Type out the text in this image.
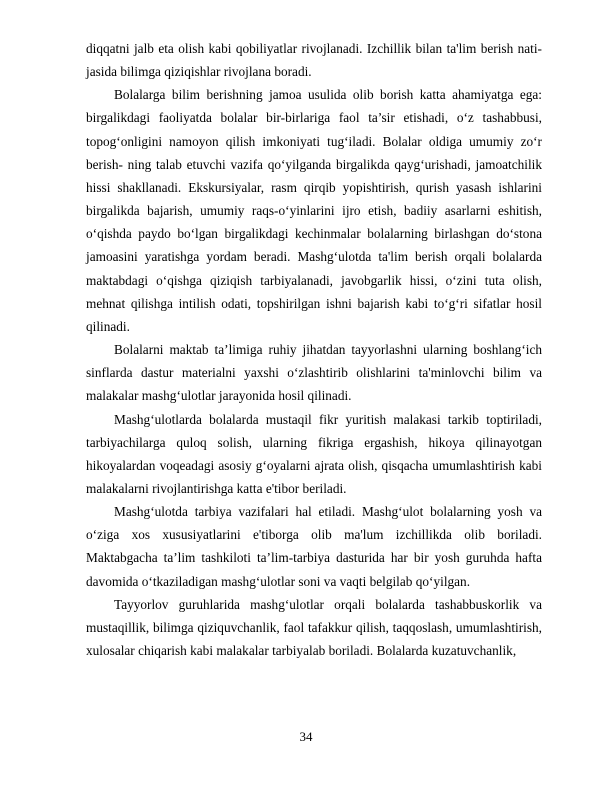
diqqatni jalb eta olish kabi qobiliyatlar rivojlanadi. Izchillik bilan ta'lim berish nati-jasida bilimga qiziqishlar rivojlana boradi.

Bolalarga bilim berishning jamoa usulida olib borish katta ahamiyatga ega: birgalikdagi faoliyatda bolalar bir-birlariga faol ta’sir etishadi, o‘z tashabbusi, topog‘onligini namoyon qilish imkoniyati tug‘iladi. Bolalar oldiga umumiy zo‘r berish- ning talab etuvchi vazifa qo‘yilganda birgalikda qayg‘urishadi, jamoatchilik hissi shakllanadi. Ekskursiyalar, rasm qirqib yopishtirish, qurish yasash ishlarini birgalikda bajarish, umumiy raqs-o‘yinlarini ijro etish, badiiy asarlarni eshitish, o‘qishda paydo bo‘lgan birgalikdagi kechinmalar bolalarning birlashgan do‘stona jamoasini yaratishga yordam beradi. Mashg‘ulotda ta'lim berish orqali bolalarda maktabdagi o‘qishga qiziqish tarbiyalanadi, javobgarlik hissi, o‘zini tuta olish, mehnat qilishga intilish odati, topshirilgan ishni bajarish kabi to‘g‘ri sifatlar hosil qilinadi.

Bolalarni maktab ta’limiga ruhiy jihatdan tayyorlashni ularning boshlang‘ich sinflarda dastur materialni yaxshi o‘zlashtirib olishlarini ta'minlovchi bilim va malakalar mashg‘ulotlar jarayonida hosil qilinadi.

Mashg‘ulotlarda bolalarda mustaqil fikr yuritish malakasi tarkib toptiriladi, tarbiyachilarga quloq solish, ularning fikriga ergashish, hikoya qilinayotgan hikoyalardan voqeadagi asosiy g‘oyalarni ajrata olish, qisqacha umumlashtirish kabi malakalarni rivojlantirishga katta e'tibor beriladi.

Mashg‘ulotda tarbiya vazifalari hal etiladi. Mashg‘ulot bolalarning yosh va o‘ziga xos xususiyatlarini e'tiborga olib ma'lum izchillikda olib boriladi. Maktabgacha ta’lim tashkiloti ta’lim-tarbiya dasturida har bir yosh guruhda hafta davomida o‘tkaziladigan mashg‘ulotlar soni va vaqti belgilab qo‘yilgan.

Tayyorlov guruhlarida mashg‘ulotlar orqali bolalarda tashabbuskorlik va mustaqillik, bilimga qiziquvchanlik, faol tafakkur qilish, taqqoslash, umumlashtirish, xulosalar chiqarish kabi malakalar tarbiyalab boriladi. Bolalarda kuzatuvchanlik,

34
